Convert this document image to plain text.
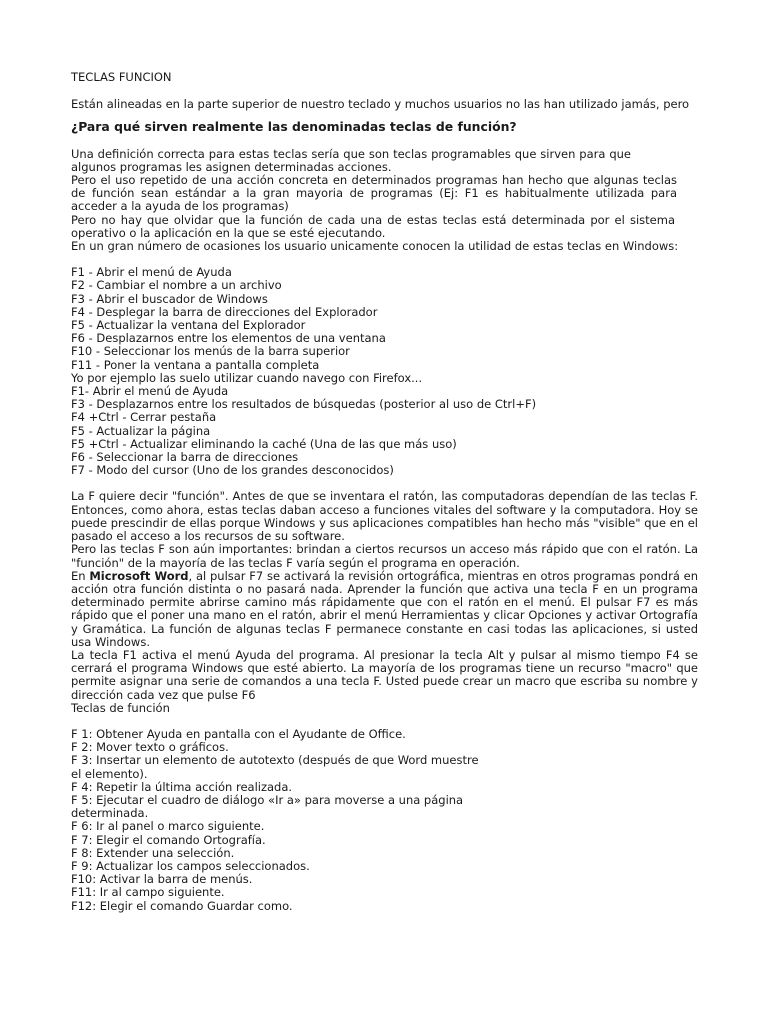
TECLAS FUNCION

Están alineadas en la parte superior de nuestro teclado y muchos usuarios no las han utilizado jamás, pero

¿Para qué sirven realmente las denominadas teclas de función?

Una definición correcta para estas teclas sería que son teclas programables que sirven para que algunos programas les asignen determinadas acciones.

Pero el uso repetido de una acción concreta en determinados programas han hecho que algunas teclas de función sean estándar a la gran mayoria de programas (Ej: F1 es habitualmente utilizada para acceder a la ayuda de los programas)

Pero no hay que olvidar que la función de cada una de estas teclas está determinada por el sistema operativo o la aplicación en la que se esté ejecutando.

En un gran número de ocasiones los usuario unicamente conocen la utilidad de estas teclas en Windows:

F1 - Abrir el menú de Ayuda

F2 - Cambiar el nombre a un archivo

F3 - Abrir el buscador de Windows

F4 - Desplegar la barra de direcciones del Explorador

F5 - Actualizar la ventana del Explorador

F6 - Desplazarnos entre los elementos de una ventana

F10 - Seleccionar los menús de la barra superior

F11 - Poner la ventana a pantalla completa

Yo por ejemplo las suelo utilizar cuando navego con Firefox...

F1- Abrir el menú de Ayuda

F3 - Desplazarnos entre los resultados de búsquedas (posterior al uso de Ctrl+F)

F4 +Ctrl - Cerrar pestaña

F5 - Actualizar la página

F5 +Ctrl - Actualizar eliminando la caché (Una de las que más uso)

F6 - Seleccionar la barra de direcciones

F7 - Modo del cursor (Uno de los grandes desconocidos)

La F quiere decir "función". Antes de que se inventara el ratón, las computadoras dependían de las teclas F. Entonces, como ahora, estas teclas daban acceso a funciones vitales del software y la computadora. Hoy se puede prescindir de ellas porque Windows y sus aplicaciones compatibles han hecho más "visible" que en el pasado el acceso a los recursos de su software.

Pero las teclas F son aún importantes: brindan a ciertos recursos un acceso más rápido que con el ratón. La "función" de la mayoría de las teclas F varía según el programa en operación.

En Microsoft Word, al pulsar F7 se activará la revisión ortográfica, mientras en otros programas pondrá en acción otra función distinta o no pasará nada. Aprender la función que activa una tecla F en un programa determinado permite abrirse camino más rápidamente que con el ratón en el menú. El pulsar F7 es más rápido que el poner una mano en el ratón, abrir el menú Herramientas y clicar Opciones y activar Ortografía y Gramática. La función de algunas teclas F permanece constante en casi todas las aplicaciones, si usted usa Windows.

La tecla F1 activa el menú Ayuda del programa. Al presionar la tecla Alt y pulsar al mismo tiempo F4 se cerrará el programa Windows que esté abierto. La mayoría de los programas tiene un recurso "macro" que permite asignar una serie de comandos a una tecla F. Usted puede crear un macro que escriba su nombre y dirección cada vez que pulse F6

Teclas de función

F 1: Obtener Ayuda en pantalla con el Ayudante de Office.

F 2: Mover texto o gráficos.

F 3: Insertar un elemento de autotexto (después de que Word muestre el elemento).

F 4: Repetir la última acción realizada.

F 5: Ejecutar el cuadro de diálogo «Ir a» para moverse a una página determinada.

F 6: Ir al panel o marco siguiente.

F 7: Elegir el comando Ortografía.

F 8: Extender una selección.

F 9: Actualizar los campos seleccionados.

F10: Activar la barra de menús.

F11: Ir al campo siguiente.

F12: Elegir el comando Guardar como.
